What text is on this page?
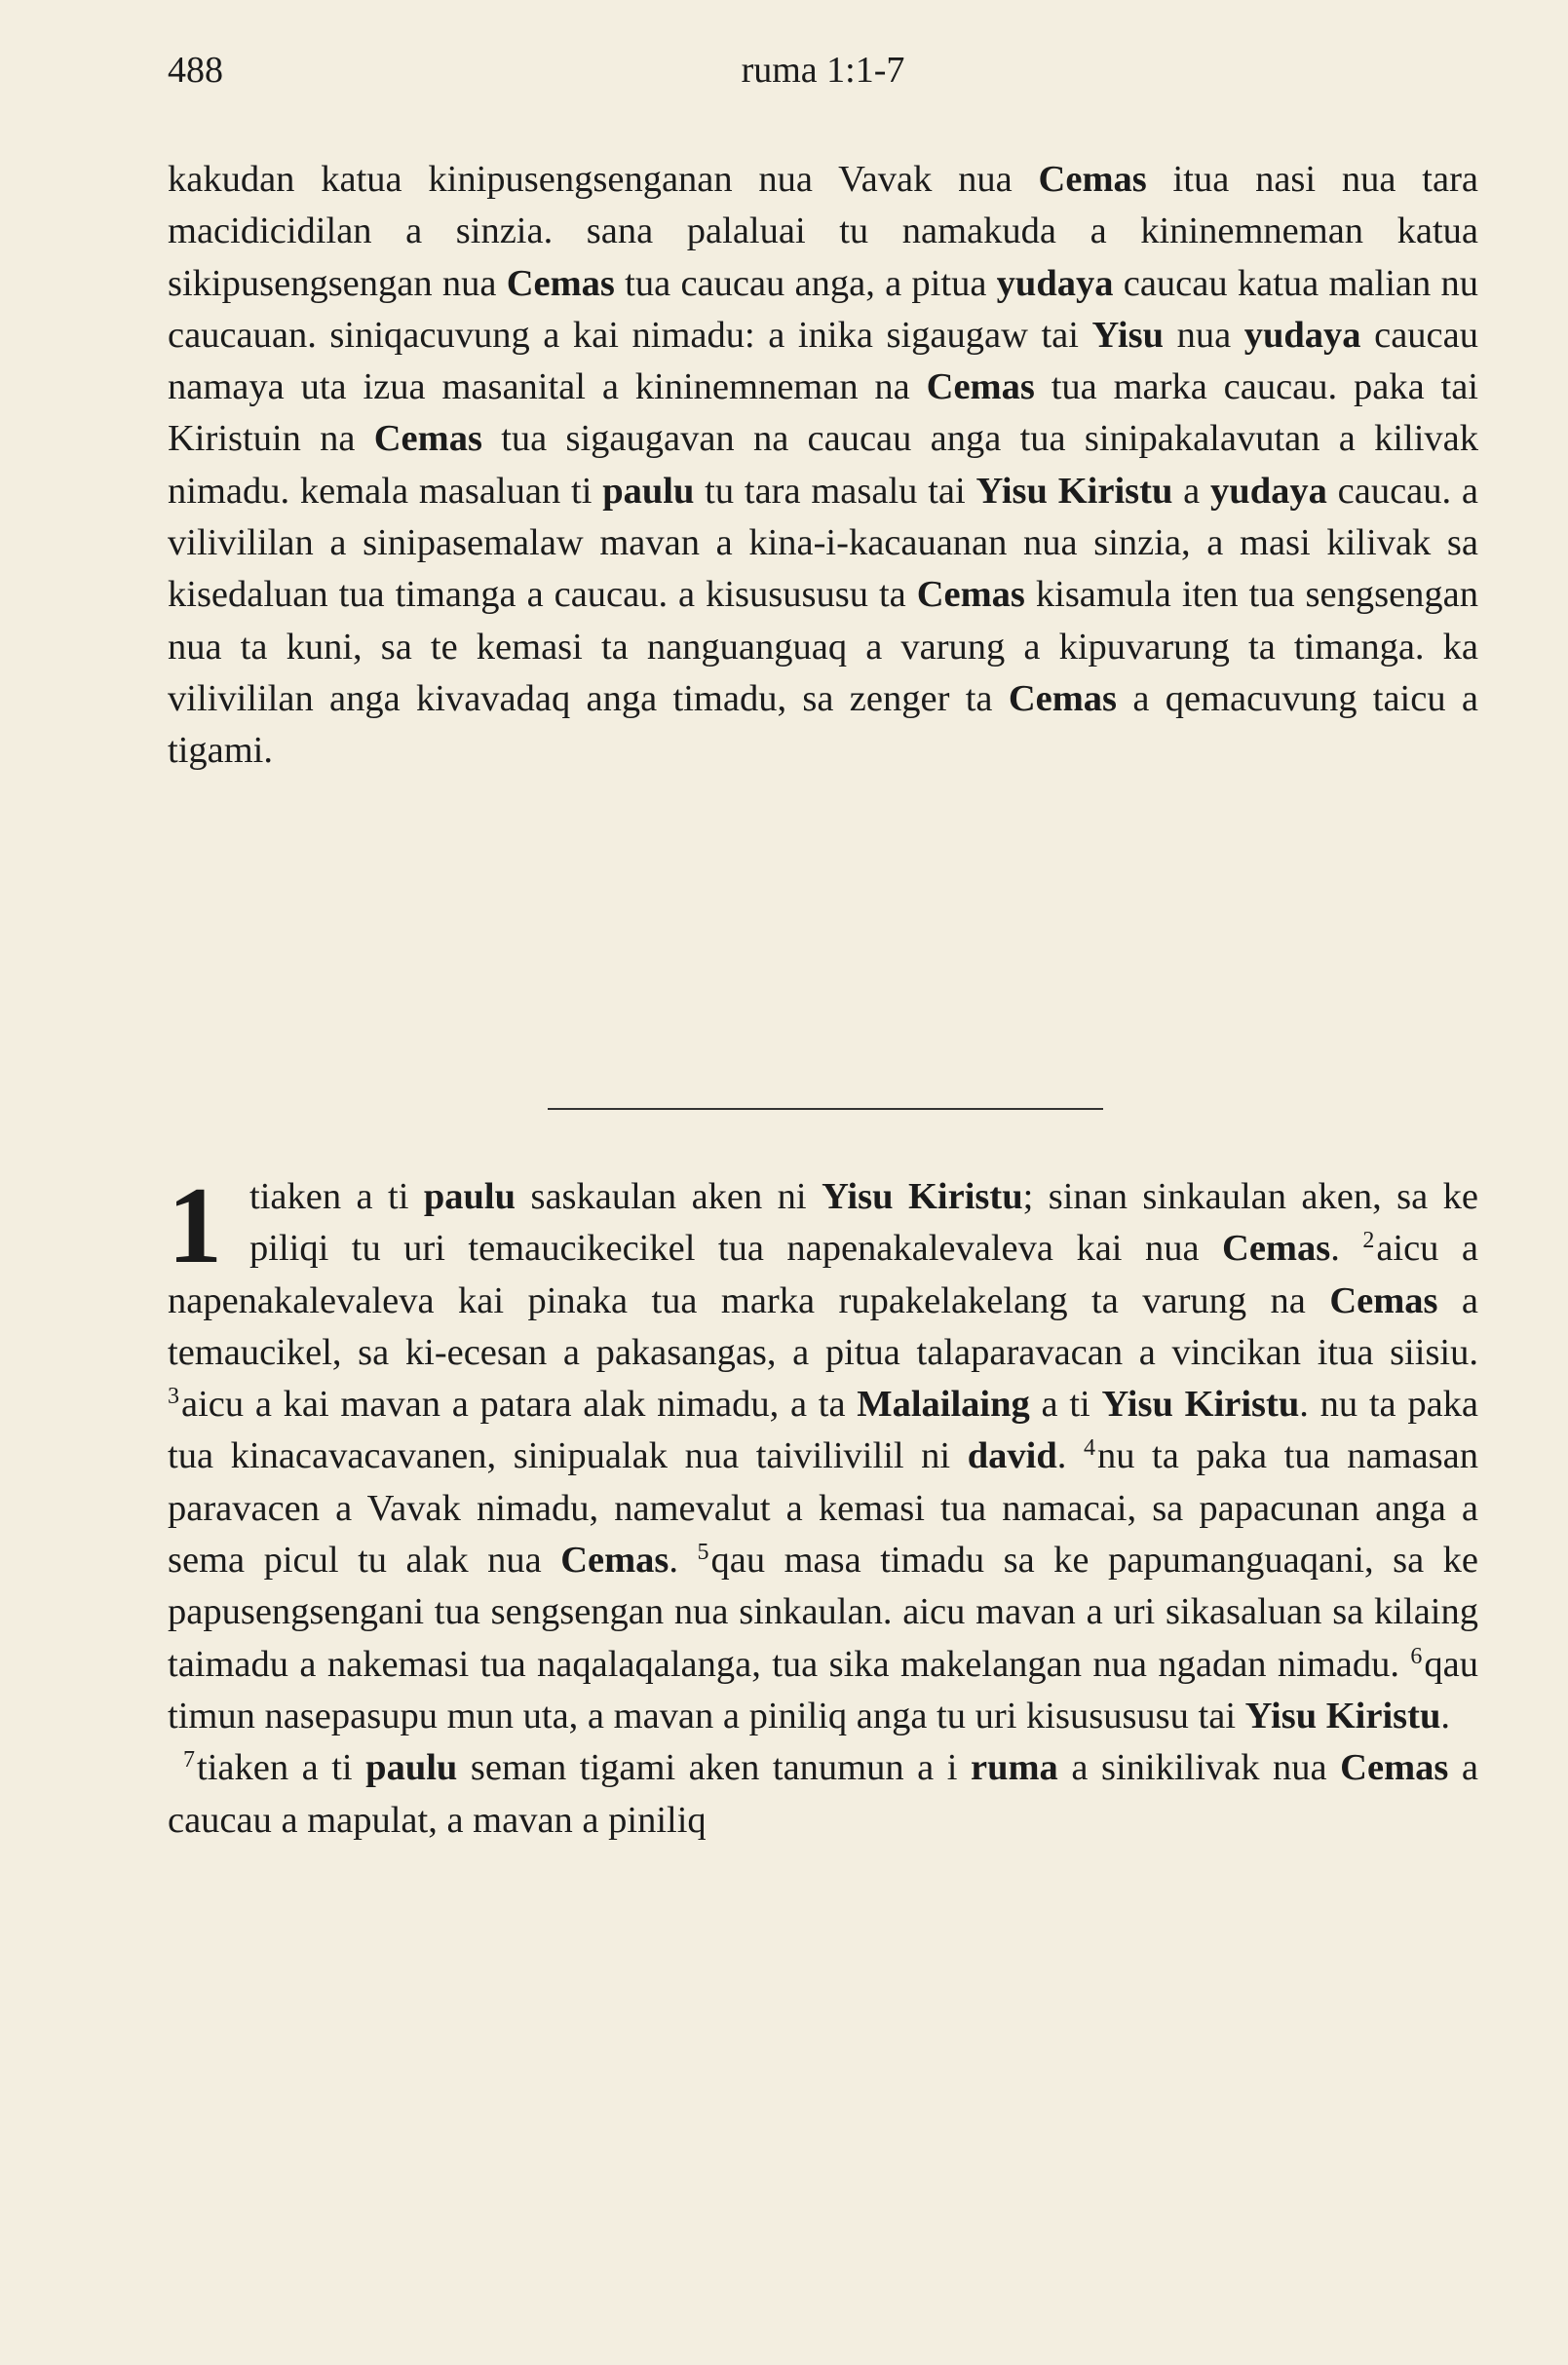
488	ruma 1:1-7

kakudan katua kinipusengsenganan nua Vavak nua Cemas itua nasi nua tara macidicidilan a sinzia. sana palaluai tu namakuda a kininemneman katua sikipusengsengan nua Cemas tua caucau anga, a pitua yudaya caucau katua malian nu caucauan. siniqacuvung a kai nimadu: a inika sigaugaw tai Yisu nua yudaya caucau namaya uta izua masanital a kininemneman na Cemas tua marka caucau. paka tai Kiristuin na Cemas tua sigaugavan na caucau anga tua sinipakalavutan a kilivak nimadu. kemala masaluan ti paulu tu tara masalu tai Yisu Kiristu a yudaya caucau. a vilivililan a sinipasemalaw mavan a kina-i-kacauanan nua sinzia, a masi kilivak sa kisedaluan tua timanga a caucau. a kisusususu ta Cemas kisamula iten tua sengsengan nua ta kuni, sa te kemasi ta nanguanguaq a varung a kipuvarung ta timanga. ka vilivililan anga kivavadaq anga timadu, sa zenger ta Cemas a qemacuvung taicu a tigami.

1 tiaken a ti paulu saskaulan aken ni Yisu Kiristu; sinan sinkaulan aken, sa ke piliqi tu uri temaucikecikel tua napenakalevaleva kai nua Cemas. $^2$aicu a napenakalevaleva kai pinaka tua marka rupakelakelang ta varung na Cemas a temaucikel, sa ki-ecesan a pakasangas, a pitua talaparavacan a vincikan itua siisiu. $^3$aicu a kai mavan a patara alak nimadu, a ta Malailaing a ti Yisu Kiristu. nu ta paka tua kinacavacavanen, sinipualak nua taivilivilil ni david. $^4$nu ta paka tua namasan paravacen a Vavak nimadu, namevalut a kemasi tua namacai, sa papacunan anga a sema picul tu alak nua Cemas. $^5$qau masa timadu sa ke papumanguaqani, sa ke papusengsengani tua sengsengan nua sinkaulan. aicu mavan a uri sikasaluan sa kilaing taimadu a nakemasi tua naqalaqalanga, tua sika makelangan nua ngadan nimadu. $^6$qau timun nasepasupu mun uta, a mavan a piniliq anga tu uri kisusususu tai Yisu Kiristu.

$^7$tiaken a ti paulu seman tigami aken tanumun a i ruma a sinikilivak nua Cemas a caucau a mapulat, a mavan a piniliq
